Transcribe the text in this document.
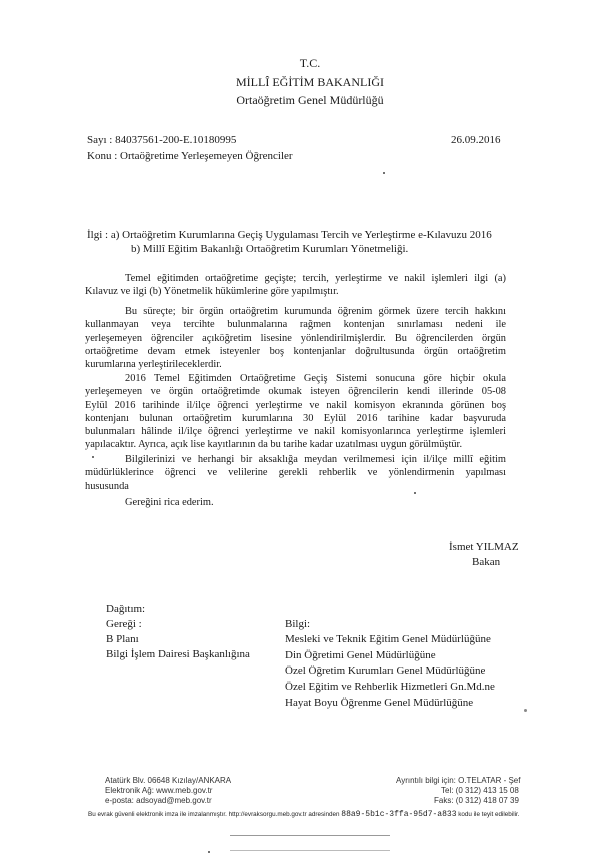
T.C.
MİLLÎ EĞİTİM BAKANLIĞI
Ortaöğretim Genel Müdürlüğü
Sayı : 84037561-200-E.10180995	26.09.2016
Konu : Ortaöğretime Yerleşemeyen Öğrenciler
İlgi : a) Ortaöğretim Kurumlarına Geçiş Uygulaması Tercih ve Yerleştirme e-Kılavuzu 2016
b) Millî Eğitim Bakanlığı Ortaöğretim Kurumları Yönetmeliği.
Temel eğitimden ortaöğretime geçişte; tercih, yerleştirme ve nakil işlemleri ilgi (a)
Kılavuz ve ilgi (b) Yönetmelik hükümlerine göre yapılmıştır.
Bu süreçte; bir örgün ortaöğretim kurumunda öğrenim görmek üzere tercih hakkını
kullanmayan veya tercihte bulunmalarına rağmen kontenjan sınırlaması nedeni ile
yerleşemeyen öğrenciler açıköğretim lisesine yönlendirilmişlerdir. Bu öğrencilerden örgün
ortaöğretime devam etmek isteyenler boş kontenjanlar doğrultusunda örgün ortaöğretim
kurumlarına yerleştirileceklerdir.
2016 Temel Eğitimden Ortaöğretime Geçiş Sistemi sonucuna göre hiçbir okula
yerleşemeyen ve örgün ortaöğretimde okumak isteyen öğrencilerin kendi illerinde 05-08
Eylül 2016 tarihinde il/ilçe öğrenci yerleştirme ve nakil komisyon ekranında görünen boş
kontenjanı bulunan ortaöğretim kurumlarına 30 Eylül 2016 tarihine kadar başvuruda
bulunmaları hâlinde il/ilçe öğrenci yerleştirme ve nakil komisyonlarınca yerleştirme işlemleri
yapılacaktır. Ayrıca, açık lise kayıtlarının da bu tarihe kadar uzatılması uygun görülmüştür.
Bilgilerinizi ve herhangi bir aksaklığa meydan verilmemesi için il/ilçe millî eğitim
müdürlüklerince öğrenci ve velilerine gerekli rehberlik ve yönlendirmenin yapılması
hususunda
Gereğini rica ederim.
İsmet YILMAZ
Bakan
Dağıtım:
Gereği :
B Planı
Bilgi İşlem Dairesi Başkanlığına
Bilgi:
Mesleki ve Teknik Eğitim Genel Müdürlüğüne
Din Öğretimi Genel Müdürlüğüne
Özel Öğretim Kurumları Genel Müdürlüğüne
Özel Eğitim ve Rehberlik Hizmetleri Gn.Md.ne
Hayat Boyu Öğrenme Genel Müdürlüğüne
Atatürk Blv. 06648 Kızılay/ANKARA
Elektronik Ağ: www.meb.gov.tr
e-posta: adsoyad@meb.gov.tr
Ayrıntılı bilgi için: O.TELATAR - Şef
Tel: (0 312) 413 15 08
Faks: (0 312) 418 07 39
Bu evrak güvenli elektronik imza ile imzalanmıştır. http://evraksorgu.meb.gov.tr adresinden 88a9-5b1c-3ffa-95d7-a833 kodu ile teyit edilebilir.
